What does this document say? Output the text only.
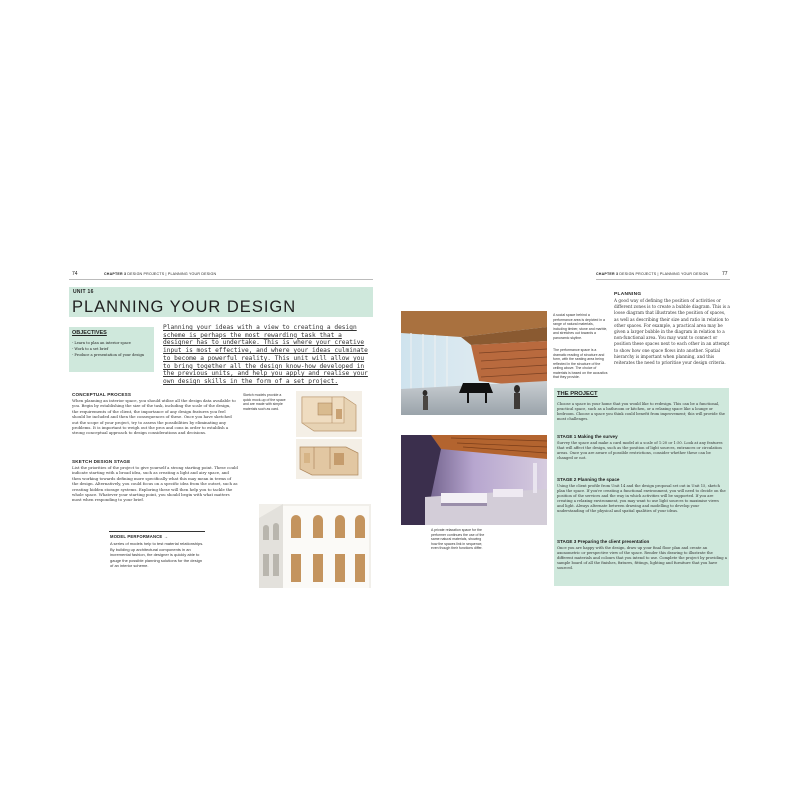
74	CHAPTER 3 DESIGN PROJECTS | PLANNING YOUR DESIGN
UNIT 16
PLANNING YOUR DESIGN
OBJECTIVES
- Learn to plan an interior space
- Work to a set brief
- Produce a presentation of your design
Planning your ideas with a view to creating a design scheme is perhaps the most rewarding task that a designer has to undertake. This is where your creative input is most effective, and where your ideas culminate to become a powerful reality. This unit will allow you to bring together all the design know-how developed in the previous units, and help you apply and realise your own design skills in the form of a set project.
CONCEPTUAL PROCESS
When planning an interior space, you should utilise all the design data available to you. Begin by establishing the size of the task, including the scale of the design, the requirements of the client, the importance of any design features you feel should be included and then the consequences of these. Once you have sketched out the scope of your project, try to assess the possibilities by eliminating any problems. It is important to weigh out the pros and cons in order to establish a strong conceptual approach to design considerations and decisions.
SKETCH DESIGN STAGE
List the priorities of the project to give yourself a strong starting point. These could indicate starting with a broad idea, such as creating a light and airy space, and then working towards defining more specifically what this may mean in terms of the design. Alternatively, you could focus on a specific idea from the outset, such as creating hidden storage systems. Exploring these will then help you to tackle the whole space. Whatever your starting point, you should begin with what matters most when responding to your brief.
Sketch models provide a quick mock-up of the space and are made with simple materials such as card.
MODEL PERFORMANCE →
A series of models help to test material relationships. By building up architectural components in an incremental fashion, the designer is quickly able to gauge the possible planning solutions for the design of an interior scheme.
CHAPTER 3 DESIGN PROJECTS | PLANNING YOUR DESIGN	77
A social space behind a performance area is depicted in a range of natural materials, including timber, stone and marble, and stretches out towards a panoramic skyline.
The performance space is a dramatic reading of structure and form, with the seating area being reflected in the structure of the ceiling above. The choice of materials is based on the acoustics that they provide.
A private relaxation space for the performer continues the use of the same natural materials, showing how the spaces link in sequence, even though their functions differ.
PLANNING
A good way of defining the position of activities or different zones is to create a bubble diagram. This is a loose diagram that illustrates the position of spaces, as well as describing their size and ratio in relation to other spaces. For example, a practical area may be given a larger bubble in the diagram in relation to a non-functional area. You may want to connect or position these spaces next to each other in an attempt to show how one space flows into another. Spatial hierarchy is important when planning, and this reiterates the need to prioritise your design criteria.
THE PROJECT
Choose a space in your home that you would like to redesign. This can be a functional, practical space, such as a bathroom or kitchen, or a relaxing space like a lounge or bedroom. Choose a space you think could benefit from improvement; this will provide the most challenges.
STAGE 1 Making the survey
Survey the space and make a card model at a scale of 1:20 or 1:50. Look at any features that will affect the design, such as the position of light sources, entrances or circulation areas. Once you are aware of possible restrictions, consider whether these can be changed or not.
STAGE 2 Planning the space
Using the client profile from Unit 14 and the design proposal set out in Unit 15, sketch plan the space. If you're creating a functional environment, you will need to decide on the position of the services and the way in which activities will be supported. If you are creating a relaxing environment, you may want to use light sources to maximise views and light. Always alternate between drawing and modelling to develop your understanding of the physical and spatial qualities of your ideas.
STAGE 3 Preparing the client presentation
Once you are happy with the design, draw up your final floor plan and create an axonometric or perspective view of the space. Render this drawing to illustrate the different materials and colours that you intend to use. Complete the project by providing a sample board of all the finishes, fixtures, fittings, lighting and furniture that you have sourced.
